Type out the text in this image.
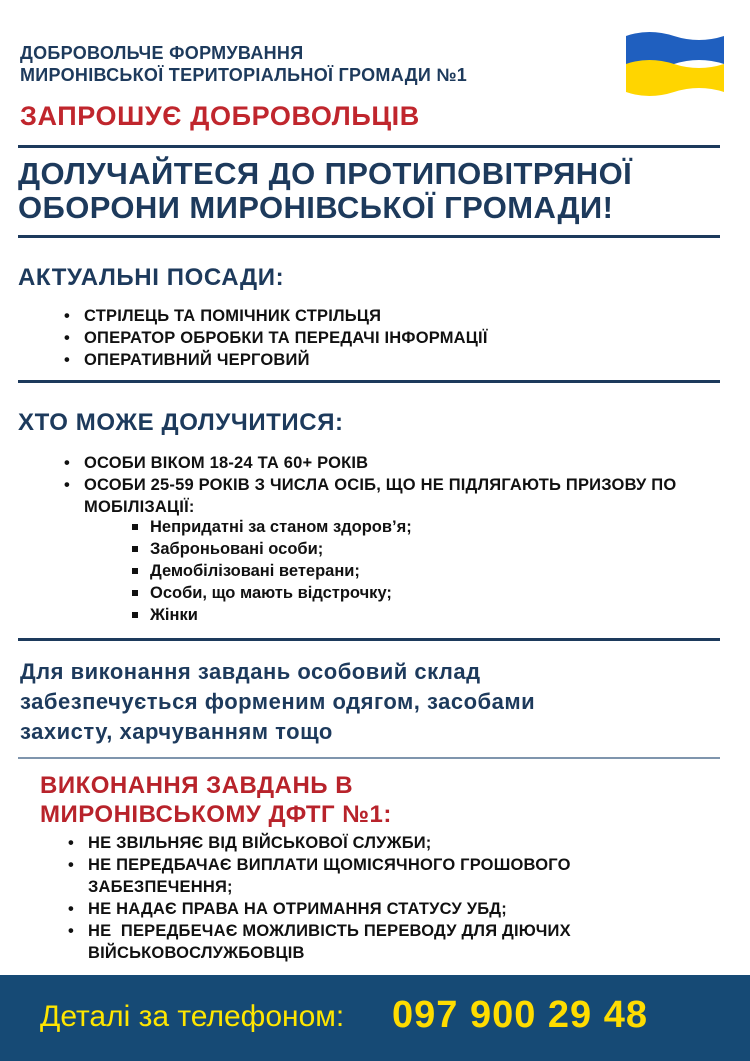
ДОБРОВОЛЬЧЕ ФОРМУВАННЯ
МИРОНІВСЬКОЇ ТЕРИТОРІАЛЬНОЇ ГРОМАДИ №1
ЗАПРОШУЄ ДОБРОВОЛЬЦІВ
ДОЛУЧАЙТЕСЯ ДО ПРОТИПОВІТРЯНОЇ
ОБОРОНИ МИРОНІВСЬКОЇ ГРОМАДИ!
АКТУАЛЬНІ ПОСАДИ:
• СТРІЛЕЦЬ ТА ПОМІЧНИК СТРІЛЬЦЯ
• ОПЕРАТОР ОБРОБКИ ТА ПЕРЕДАЧІ ІНФОРМАЦІЇ
• ОПЕРАТИВНИЙ ЧЕРГОВИЙ
ХТО МОЖЕ ДОЛУЧИТИСЯ:
• ОСОБИ ВІКОМ 18-24 ТА 60+ РОКІВ
• ОСОБИ 25-59 РОКІВ З ЧИСЛА ОСІБ, ЩО НЕ ПІДЛЯГАЮТЬ ПРИЗОВУ ПО МОБІЛІЗАЦІЇ:
Непридатні за станом здоров’я;
Заброньовані особи;
Демобілізовані ветерани;
Особи, що мають відстрочку;
Жінки
Для виконання завдань особовий склад
забезпечується форменим одягом, засобами
захисту, харчуванням тощо
ВИКОНАННЯ ЗАВДАНЬ В
МИРОНІВСЬКОМУ ДФТГ №1:
• НЕ ЗВІЛЬНЯЄ ВІД ВІЙСЬКОВОЇ СЛУЖБИ;
• НЕ ПЕРЕДБАЧАЄ ВИПЛАТИ ЩОМІСЯЧНОГО ГРОШОВОГО ЗАБЕЗПЕЧЕННЯ;
• НЕ НАДАЄ ПРАВА НА ОТРИМАННЯ СТАТУСУ УБД;
• НЕ  ПЕРЕДБЕЧАЄ МОЖЛИВІСТЬ ПЕРЕВОДУ ДЛЯ ДІЮЧИХ ВІЙСЬКОВОСЛУЖБОВЦІВ
Деталі за телефоном: 097 900 29 48
